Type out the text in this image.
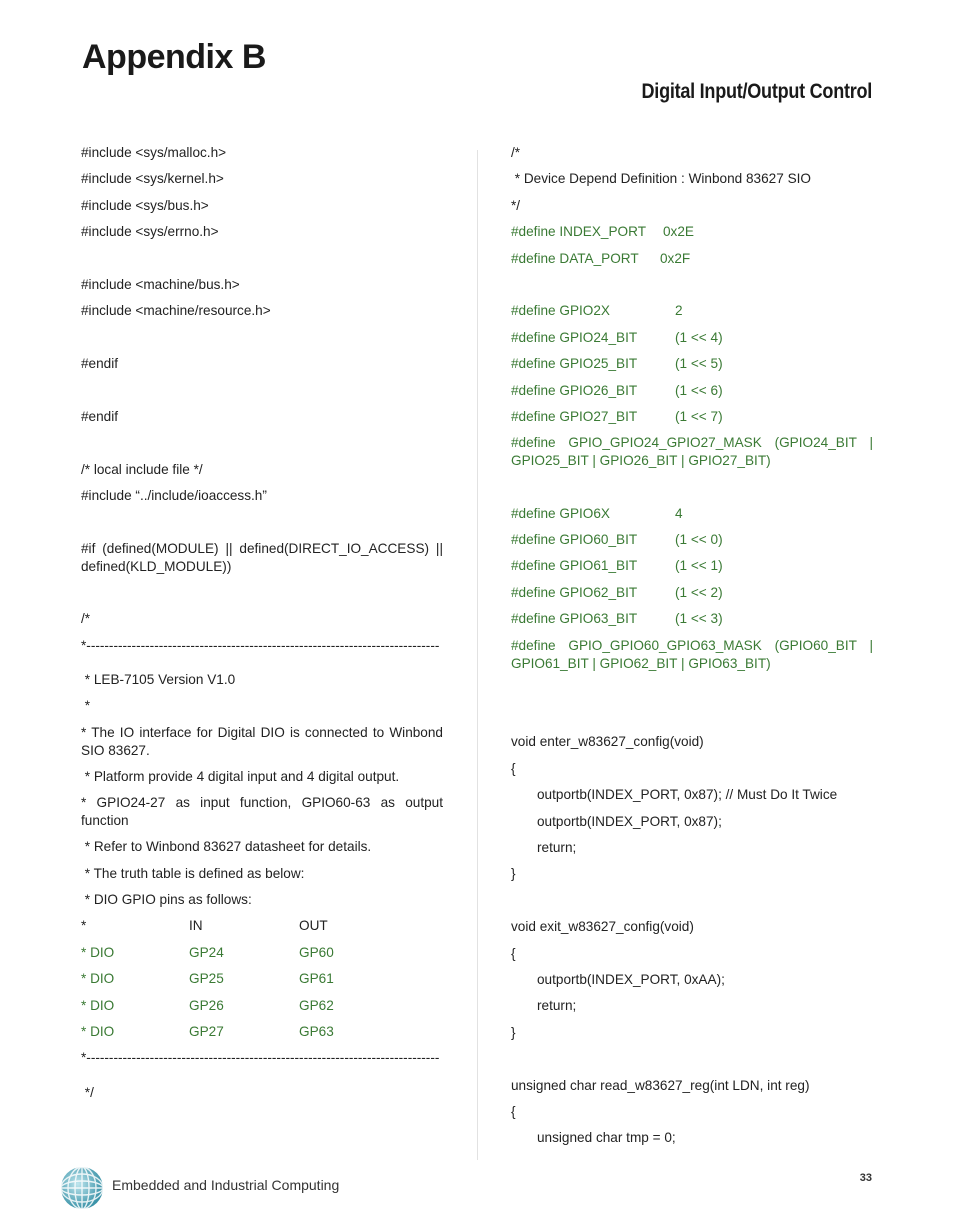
Appendix B
Digital Input/Output Control
#include <sys/malloc.h>
#include <sys/kernel.h>
#include <sys/bus.h>
#include <sys/errno.h>
#include <machine/bus.h>
#include <machine/resource.h>
#endif
#endif
/* local include file */
#include “../include/ioaccess.h”
#if (defined(MODULE) || defined(DIRECT_IO_ACCESS) || defined(KLD_MODULE))
/*
*------------------------------------------------------------------------------
* LEB-7105 Version V1.0
*
* The IO interface for Digital DIO is connected to Winbond SIO 83627.
* Platform provide 4 digital input and 4 digital output.
* GPIO24-27 as input function, GPIO60-63 as output function
* Refer to Winbond 83627 datasheet for details.
* The truth table is defined as below:
* DIO GPIO pins as follows:
*	IN	OUT
* DIO	GP24	GP60
* DIO	GP25	GP61
* DIO	GP26	GP62
* DIO	GP27	GP63
*------------------------------------------------------------------------------
*/
/*
* Device Depend Definition : Winbond 83627 SIO
*/
#define INDEX_PORT	0x2E
#define DATA_PORT	0x2F
#define GPIO2X	2
#define GPIO24_BIT	(1 << 4)
#define GPIO25_BIT	(1 << 5)
#define GPIO26_BIT	(1 << 6)
#define GPIO27_BIT	(1 << 7)
#define GPIO_GPIO24_GPIO27_MASK (GPIO24_BIT | GPIO25_BIT | GPIO26_BIT | GPIO27_BIT)
#define GPIO6X	4
#define GPIO60_BIT	(1 << 0)
#define GPIO61_BIT	(1 << 1)
#define GPIO62_BIT	(1 << 2)
#define GPIO63_BIT	(1 << 3)
#define GPIO_GPIO60_GPIO63_MASK (GPIO60_BIT | GPIO61_BIT | GPIO62_BIT | GPIO63_BIT)
void enter_w83627_config(void)
{
outportb(INDEX_PORT, 0x87); // Must Do It Twice
outportb(INDEX_PORT, 0x87);
return;
}
void exit_w83627_config(void)
{
outportb(INDEX_PORT, 0xAA);
return;
}
unsigned char read_w83627_reg(int LDN, int reg)
{
unsigned char tmp = 0;
Embedded and Industrial Computing	33
